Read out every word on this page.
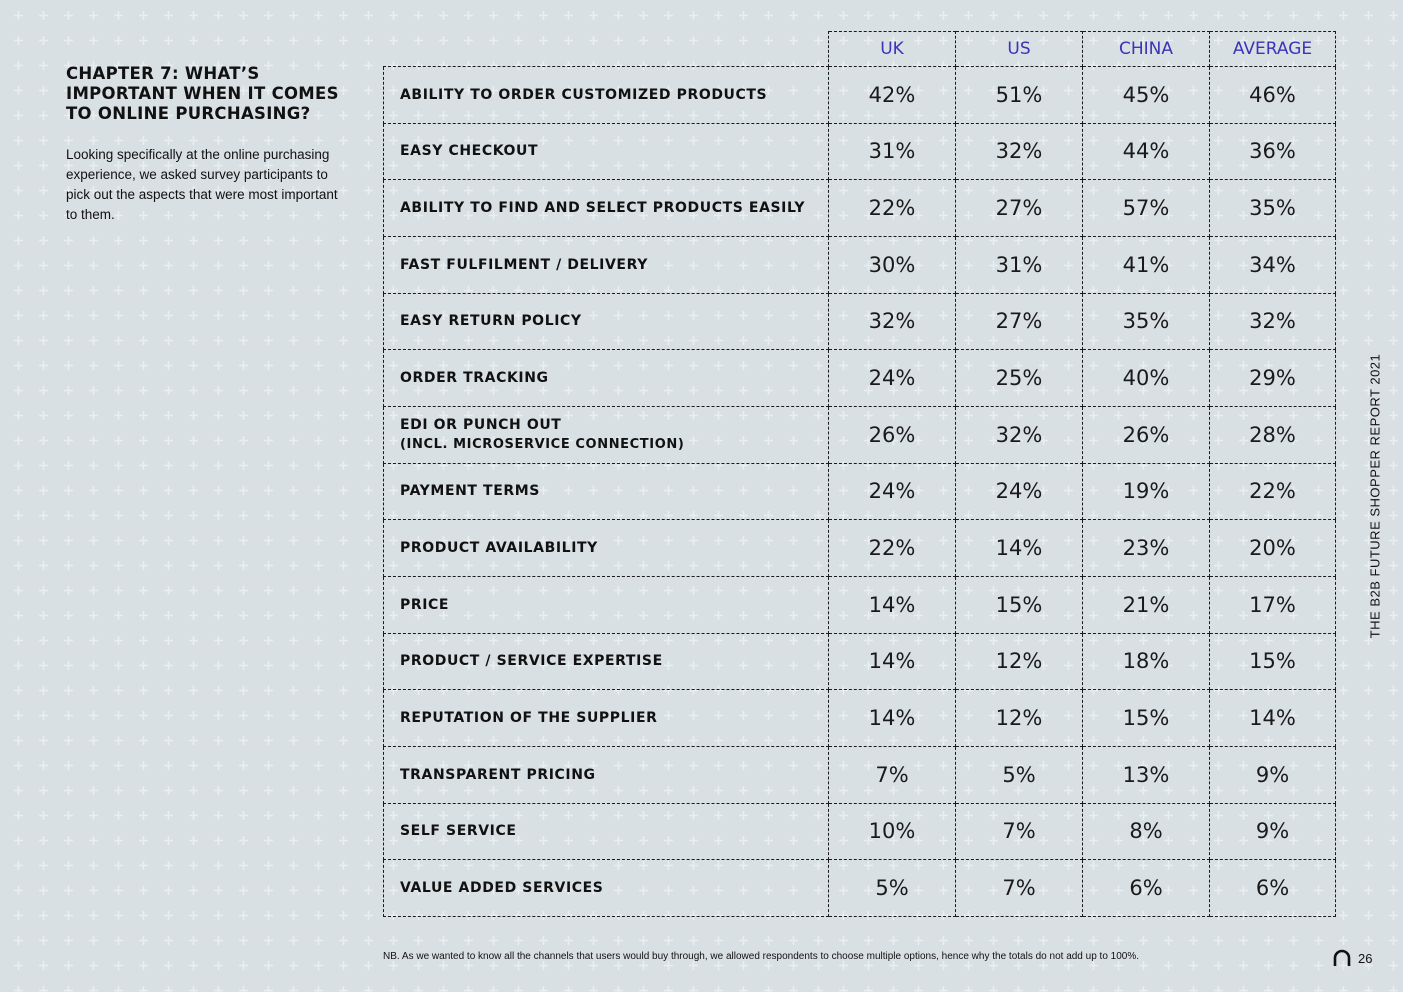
CHAPTER 7: WHAT’S IMPORTANT WHEN IT COMES TO ONLINE PURCHASING?

Looking specifically at the online purchasing experience, we asked survey participants to pick out the aspects that were most important to them.

	UK	US	CHINA	AVERAGE
ABILITY TO ORDER CUSTOMIZED PRODUCTS	42%	51%	45%	46%
EASY CHECKOUT	31%	32%	44%	36%
ABILITY TO FIND AND SELECT PRODUCTS EASILY	22%	27%	57%	35%
FAST FULFILMENT / DELIVERY	30%	31%	41%	34%
EASY RETURN POLICY	32%	27%	35%	32%
ORDER TRACKING	24%	25%	40%	29%
EDI OR PUNCH OUT
(INCL. MICROSERVICE CONNECTION)	26%	32%	26%	28%
PAYMENT TERMS	24%	24%	19%	22%
PRODUCT AVAILABILITY	22%	14%	23%	20%
PRICE	14%	15%	21%	17%
PRODUCT / SERVICE EXPERTISE	14%	12%	18%	15%
REPUTATION OF THE SUPPLIER	14%	12%	15%	14%
TRANSPARENT PRICING	7%	5%	13%	9%
SELF SERVICE	10%	7%	8%	9%
VALUE ADDED SERVICES	5%	7%	6%	6%
THE B2B FUTURE SHOPPER REPORT 2021
NB. As we wanted to know all the channels that users would buy through, we allowed respondents to choose multiple options, hence why the totals do not add up to 100%.	26
